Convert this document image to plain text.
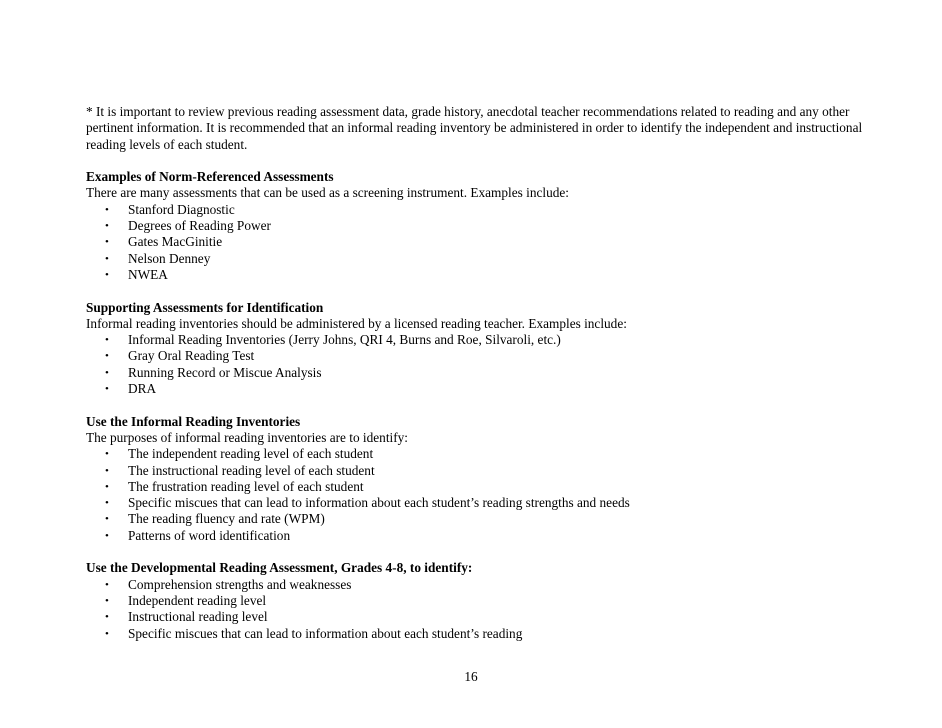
* It is important to review previous reading assessment data, grade history, anecdotal teacher recommendations related to reading and any other pertinent information. It is recommended that an informal reading inventory be administered in order to identify the independent and instructional reading levels of each student.

Examples of Norm-Referenced Assessments

There are many assessments that can be used as a screening instrument. Examples include:

• Stanford Diagnostic
• Degrees of Reading Power
• Gates MacGinitie
• Nelson Denney
• NWEA

Supporting Assessments for Identification

Informal reading inventories should be administered by a licensed reading teacher. Examples include:

• Informal Reading Inventories (Jerry Johns, QRI 4, Burns and Roe, Silvaroli, etc.)
• Gray Oral Reading Test
• Running Record or Miscue Analysis
• DRA

Use the Informal Reading Inventories

The purposes of informal reading inventories are to identify:

• The independent reading level of each student
• The instructional reading level of each student
• The frustration reading level of each student
• Specific miscues that can lead to information about each student’s reading strengths and needs
• The reading fluency and rate (WPM)
• Patterns of word identification

Use the Developmental Reading Assessment, Grades 4-8, to identify:

• Comprehension strengths and weaknesses
• Independent reading level
• Instructional reading level
• Specific miscues that can lead to information about each student’s reading
16
